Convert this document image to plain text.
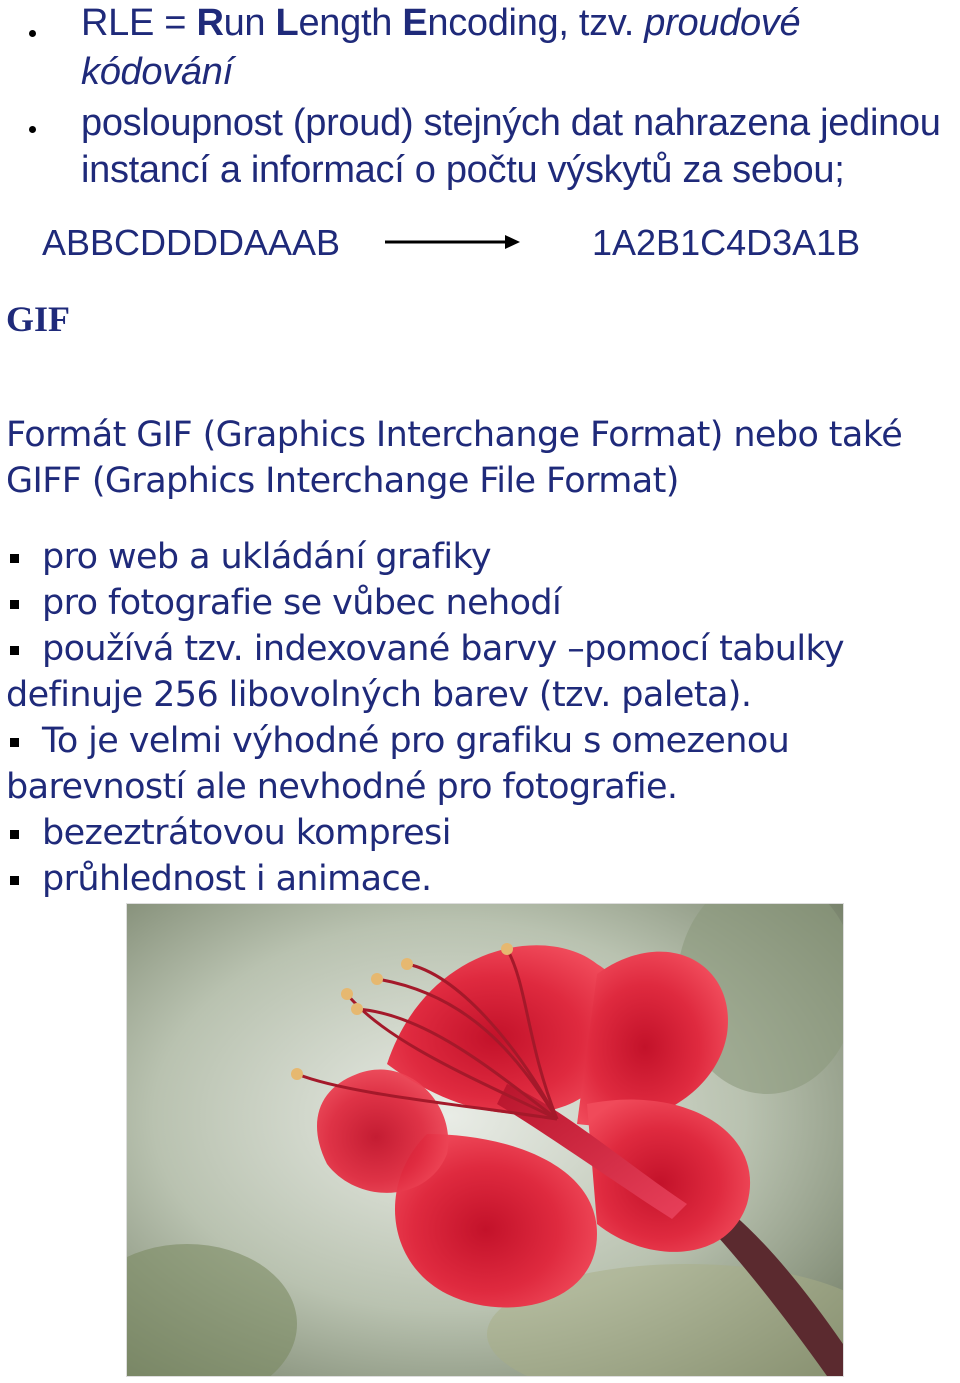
RLE = Run Length Encoding, tzv. proudové
kódování
posloupnost (proud) stejných dat nahrazena jedinou
instancí a informací o počtu výskytů za sebou;
ABBCDDDDAAAB	1A2B1C4D3A1B
GIF
Formát GIF (Graphics Interchange Format) nebo také
GIFF (Graphics Interchange File Format)
pro web a ukládání grafiky
pro fotografie se vůbec nehodí
používá tzv. indexované barvy –pomocí tabulky
definuje 256 libovolných barev (tzv. paleta).
To je velmi výhodné pro grafiku s omezenou
barevností ale nevhodné pro fotografie.
bezeztrátovou kompresi
průhlednost i animace.
